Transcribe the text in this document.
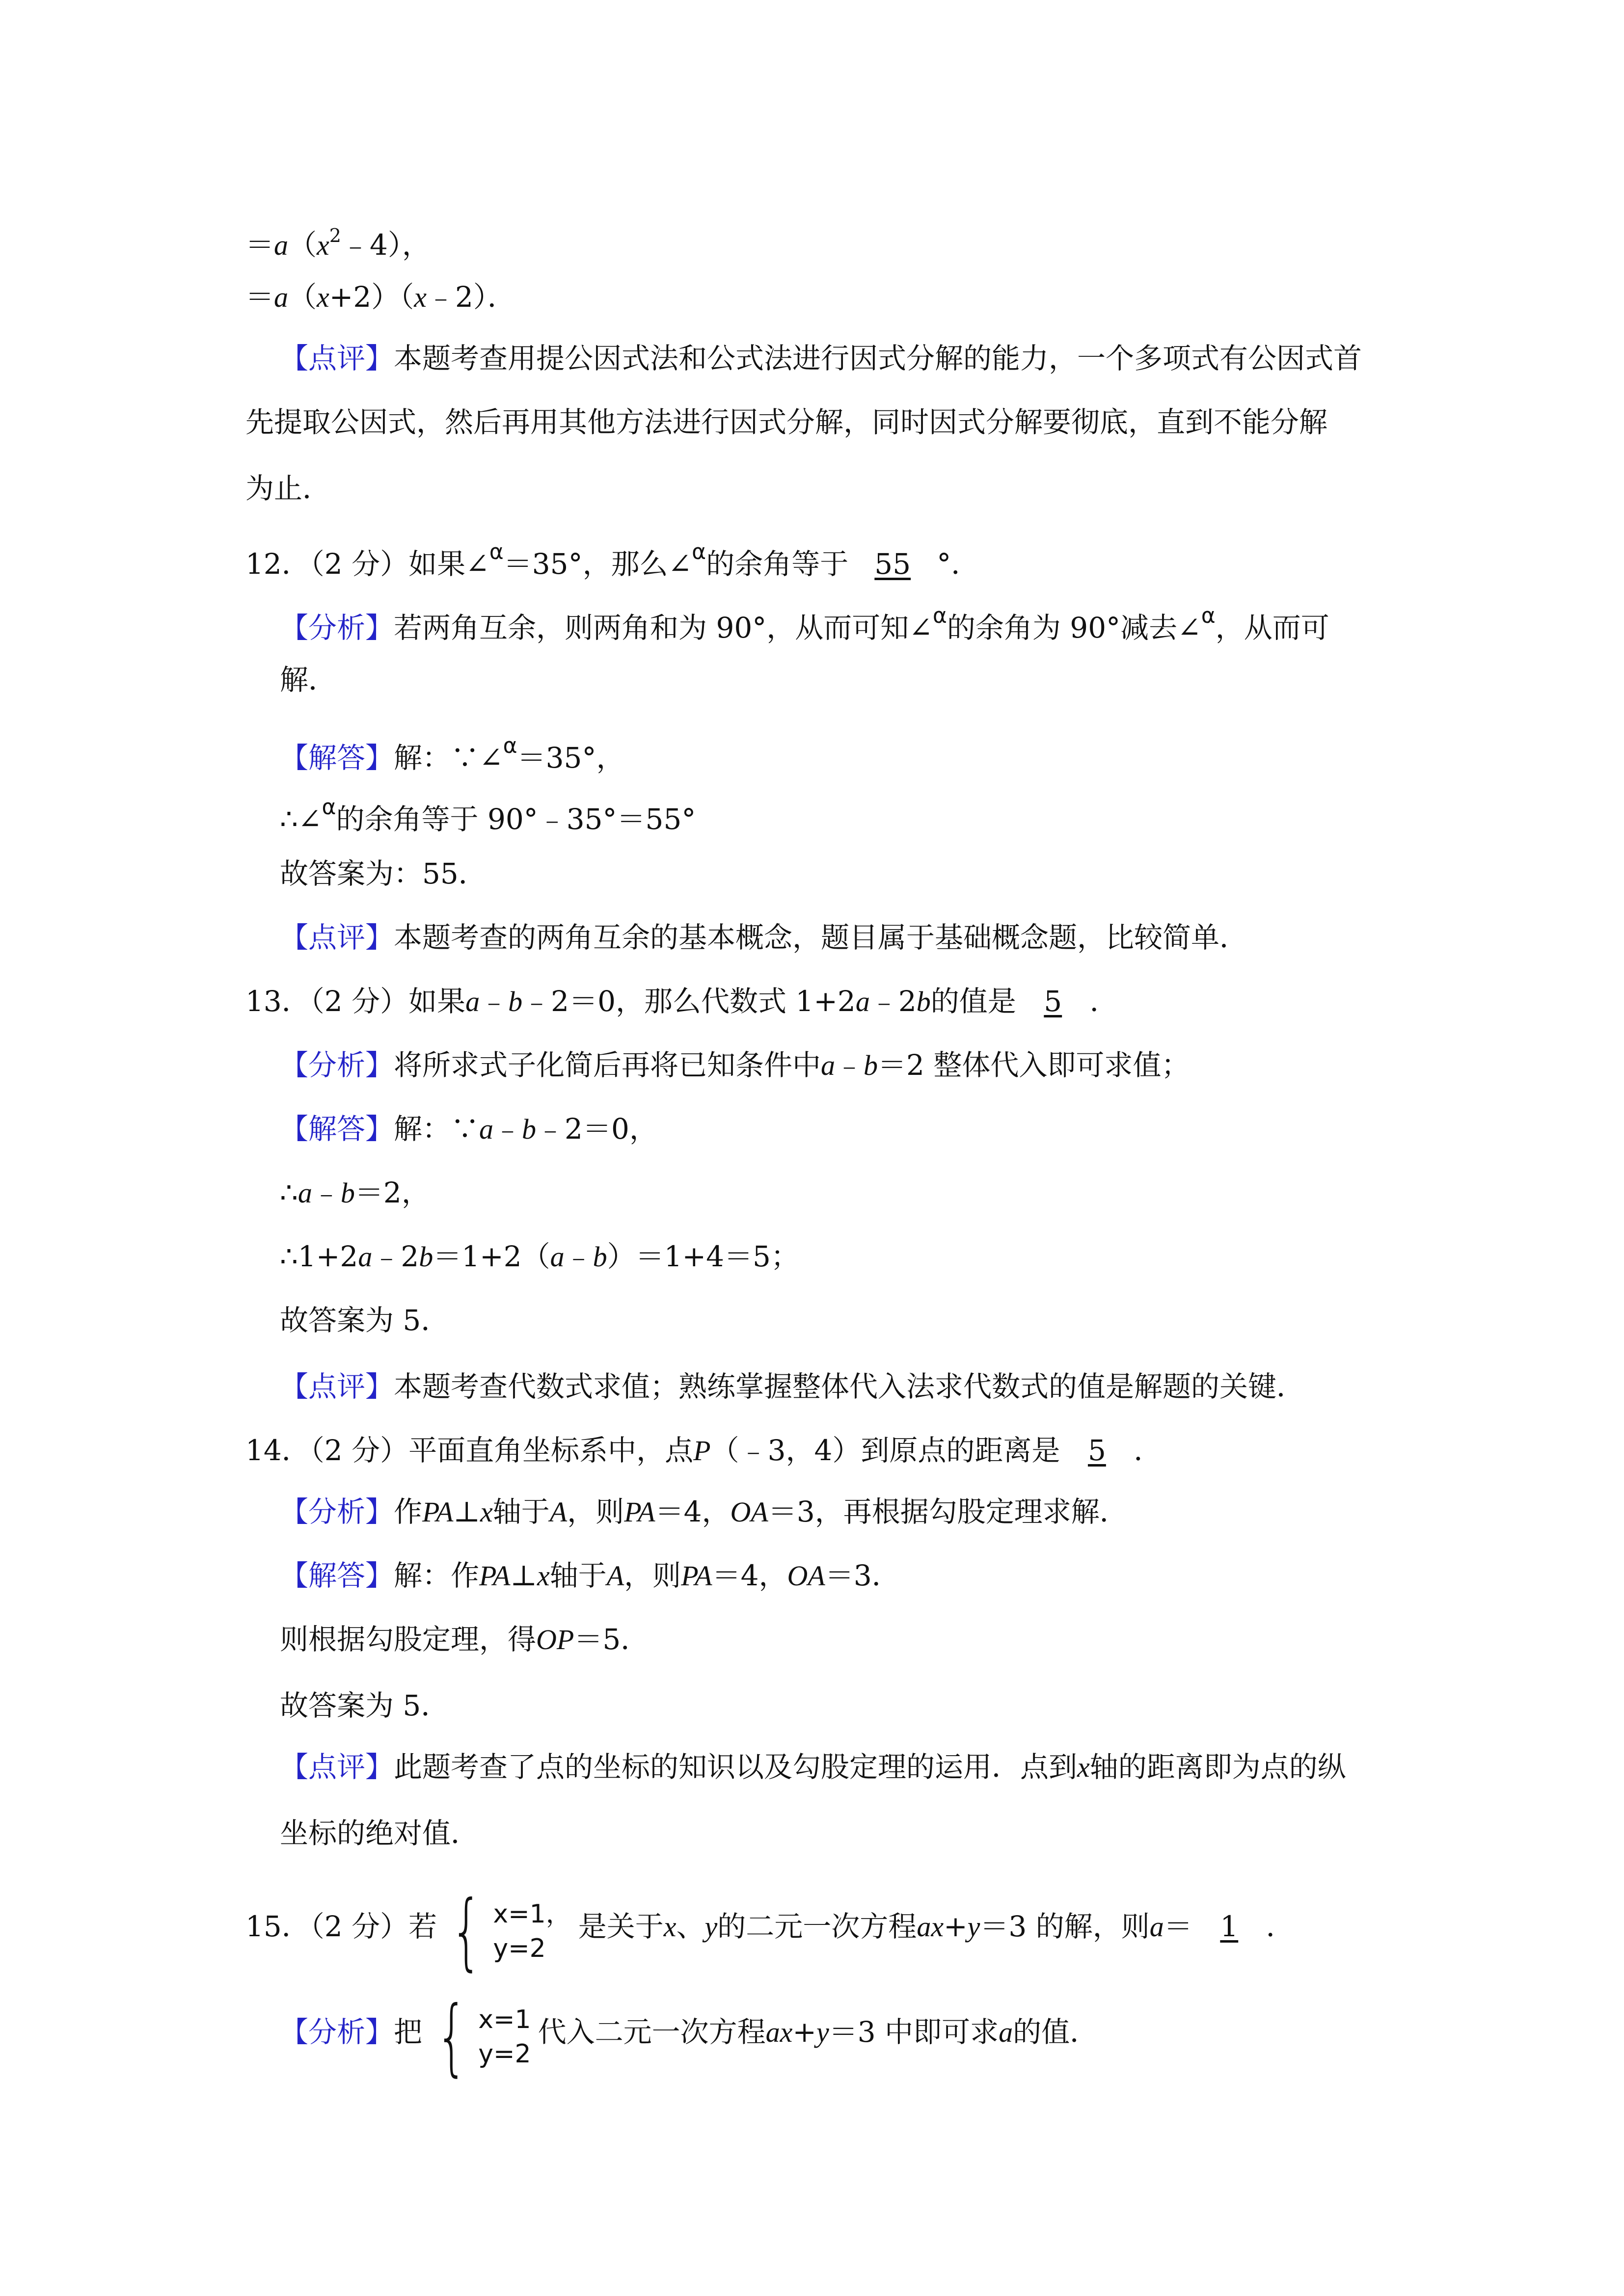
$=a(x^2﹣4)$，
＝a（x+2）（x﹣2）．
【点评】本题考查用提公因式法和公式法进行因式分解的能力，一个多项式有公因式首
先提取公因式，然后再用其他方法进行因式分解，同时因式分解要彻底，直到不能分解
为止．
12．（2 分）如果∠$^\alpha$＝35°，那么∠$^\alpha$的余角等于 55 °．
【分析】若两角互余，则两角和为 90°，从而可知∠$^\alpha$的余角为 90°减去∠$^\alpha$，从而可
解．
【解答】解：∵∠$^\alpha$＝35°，
∴∠$^\alpha$的余角等于 90°﹣35°＝55°
故答案为：55．
【点评】本题考查的两角互余的基本概念，题目属于基础概念题，比较简单．
13．（2 分）如果a﹣b﹣2＝0，那么代数式 1+2a﹣2b的值是 5 ．
【分析】将所求式子化简后再将已知条件中a﹣b＝2 整体代入即可求值；
【解答】解：∵a﹣b﹣2＝0，
∴a﹣b＝2，
∴1+2a﹣2b＝1+2（a﹣b）＝1+4＝5；
故答案为 5．
【点评】本题考查代数式求值；熟练掌握整体代入法求代数式的值是解题的关键．
14．（2 分）平面直角坐标系中，点P（﹣3，4）到原点的距离是 5 ．
【分析】作PA⊥x轴于A，则PA＝4，OA＝3，再根据勾股定理求解．
【解答】解：作PA⊥x轴于A，则PA＝4，OA＝3．
则根据勾股定理，得OP＝5．
故答案为 5．
【点评】此题考查了点的坐标的知识以及勾股定理的运用．点到x轴的距离即为点的纵
坐标的绝对值．
15．（2 分）若 { x=1，
y=2
是关于x、y的二元一次方程ax+y＝3 的解，则a＝ 1 ．
【分析】把 { x=1
y=2
代入二元一次方程ax+y＝3 中即可求a的值．
